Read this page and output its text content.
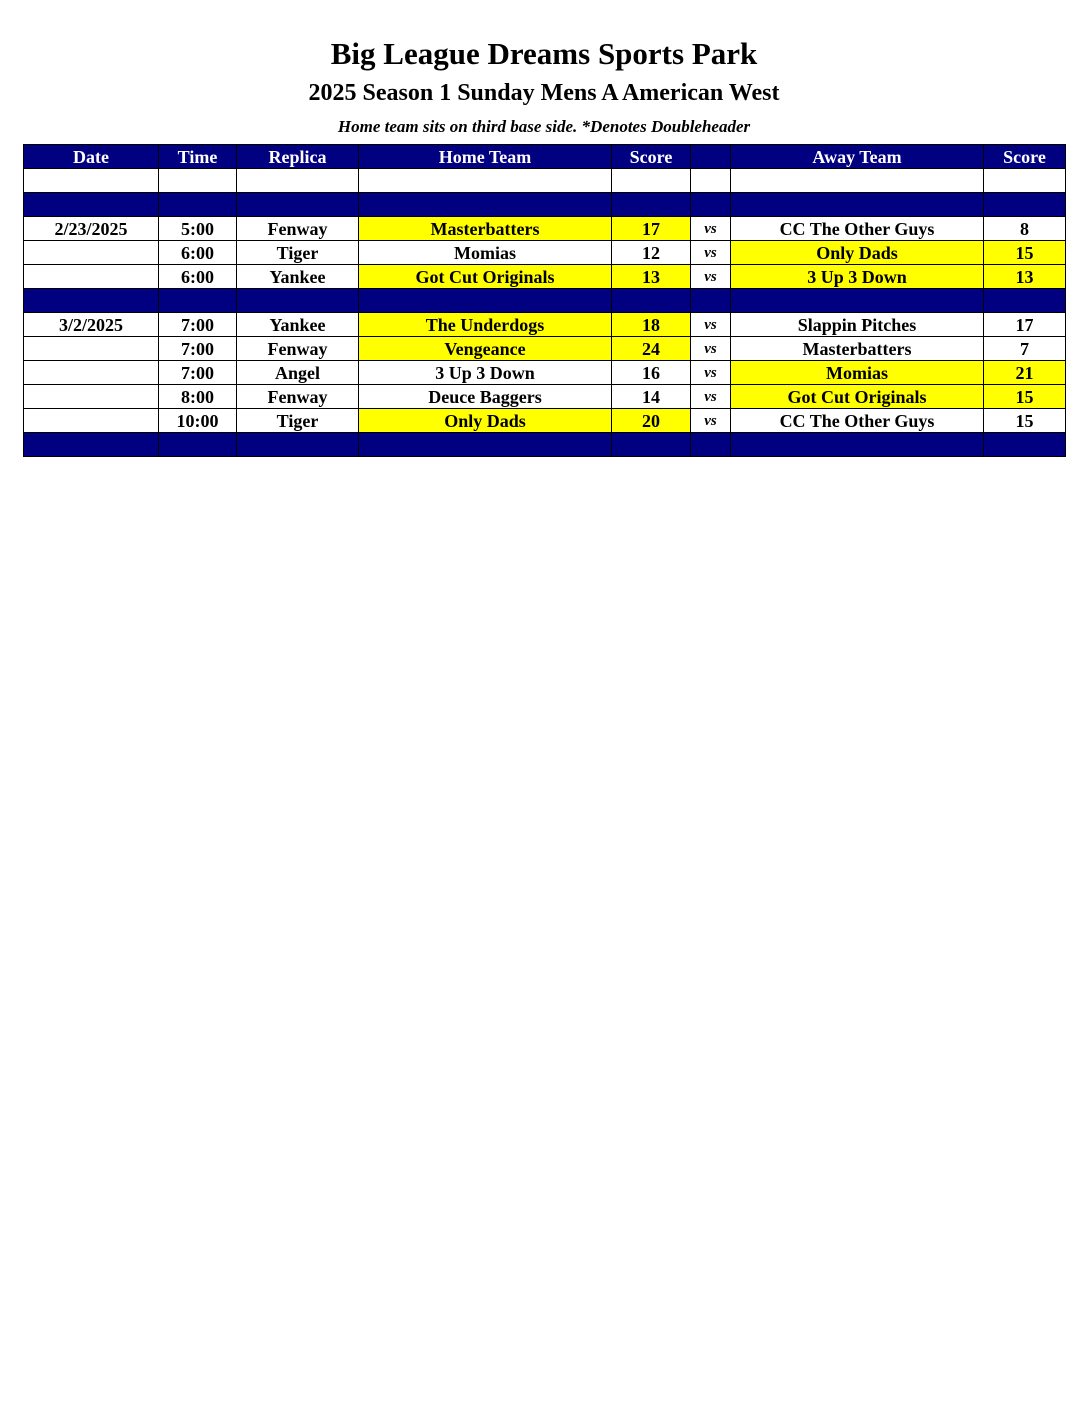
Big League Dreams Sports Park
2025 Season 1 Sunday Mens A American West
Home team sits on third base side. *Denotes Doubleheader
Date	Time	Replica	Home Team	Score		Away Team	Score

2/23/2025	5:00	Fenway	Masterbatters	17	vs	CC The Other Guys	8
	6:00	Tiger	Momias	12	vs	Only Dads	15
	6:00	Yankee	Got Cut Originals	13	vs	3 Up 3 Down	13

3/2/2025	7:00	Yankee	The Underdogs	18	vs	Slappin Pitches	17
	7:00	Fenway	Vengeance	24	vs	Masterbatters	7
	7:00	Angel	3 Up 3 Down	16	vs	Momias	21
	8:00	Fenway	Deuce Baggers	14	vs	Got Cut Originals	15
	10:00	Tiger	Only Dads	20	vs	CC The Other Guys	15
